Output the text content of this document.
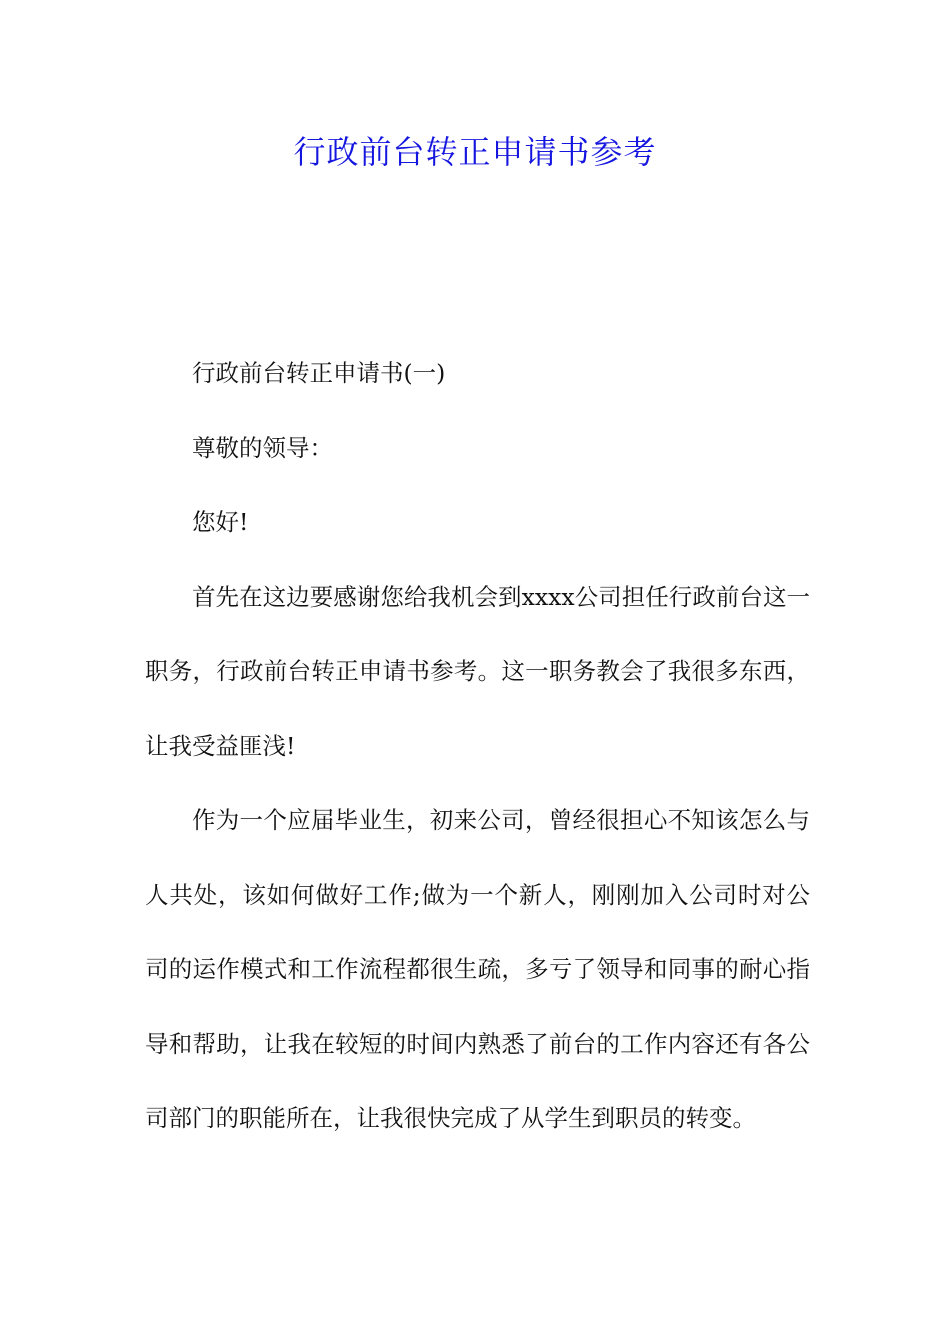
行政前台转正申请书参考

行政前台转正申请书(一)

尊敬的领导：

您好!

首先在这边要感谢您给我机会到xxxx公司担任行政前台这一职务，行政前台转正申请书参考。这一职务教会了我很多东西，让我受益匪浅!

作为一个应届毕业生，初来公司，曾经很担心不知该怎么与人共处，该如何做好工作;做为一个新人，刚刚加入公司时对公司的运作模式和工作流程都很生疏，多亏了领导和同事的耐心指导和帮助，让我在较短的时间内熟悉了前台的工作内容还有各公司部门的职能所在，让我很快完成了从学生到职员的转变。
